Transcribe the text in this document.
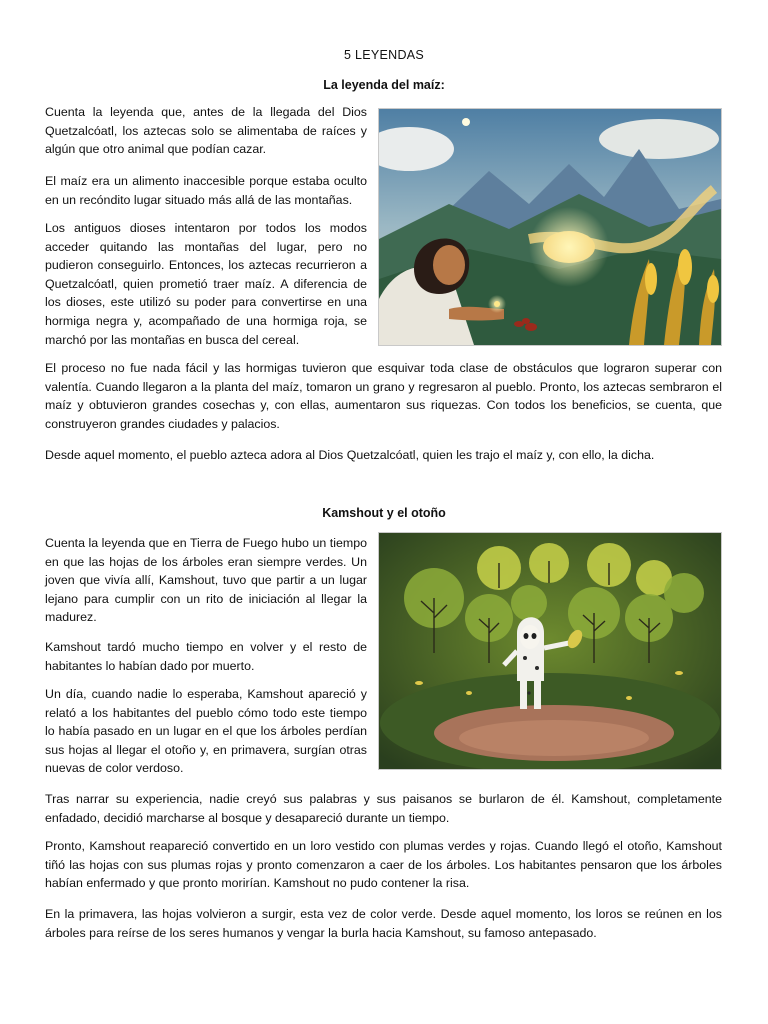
5 LEYENDAS
La leyenda del maíz:

Cuenta la leyenda que, antes de la llegada del Dios Quetzalcóatl, los aztecas solo se alimentaba de raíces y algún que otro animal que podían cazar.

El maíz era un alimento inaccesible porque estaba oculto en un recóndito lugar situado más allá de las montañas.

Los antiguos dioses intentaron por todos los modos acceder quitando las montañas del lugar, pero no pudieron conseguirlo. Entonces, los aztecas recurrieron a Quetzalcóatl, quien prometió traer maíz. A diferencia de los dioses, este utilizó su poder para convertirse en una hormiga negra y, acompañado de una hormiga roja, se marchó por las montañas en busca del cereal.

El proceso no fue nada fácil y las hormigas tuvieron que esquivar toda clase de obstáculos que lograron superar con valentía. Cuando llegaron a la planta del maíz, tomaron un grano y regresaron al pueblo. Pronto, los aztecas sembraron el maíz y obtuvieron grandes cosechas y, con ellas, aumentaron sus riquezas. Con todos los beneficios, se cuenta, que construyeron grandes ciudades y palacios.

Desde aquel momento, el pueblo azteca adora al Dios Quetzalcóatl, quien les trajo el maíz y, con ello, la dicha.

Kamshout y el otoño

Cuenta la leyenda que en Tierra de Fuego hubo un tiempo en que las hojas de los árboles eran siempre verdes. Un joven que vivía allí, Kamshout, tuvo que partir a un lugar lejano para cumplir con un rito de iniciación al llegar la madurez.

Kamshout tardó mucho tiempo en volver y el resto de habitantes lo habían dado por muerto.

Un día, cuando nadie lo esperaba, Kamshout apareció y relató a los habitantes del pueblo cómo todo este tiempo lo había pasado en un lugar en el que los árboles perdían sus hojas al llegar el otoño y, en primavera, surgían otras nuevas de color verdoso.

Tras narrar su experiencia, nadie creyó sus palabras y sus paisanos se burlaron de él. Kamshout, completamente enfadado, decidió marcharse al bosque y desapareció durante un tiempo.

Pronto, Kamshout reapareció convertido en un loro vestido con plumas verdes y rojas. Cuando llegó el otoño, Kamshout tiñó las hojas con sus plumas rojas y pronto comenzaron a caer de los árboles. Los habitantes pensaron que los árboles habían enfermado y que pronto morirían. Kamshout no pudo contener la risa.

En la primavera, las hojas volvieron a surgir, esta vez de color verde. Desde aquel momento, los loros se reúnen en los árboles para reírse de los seres humanos y vengar la burla hacia Kamshout, su famoso antepasado.
